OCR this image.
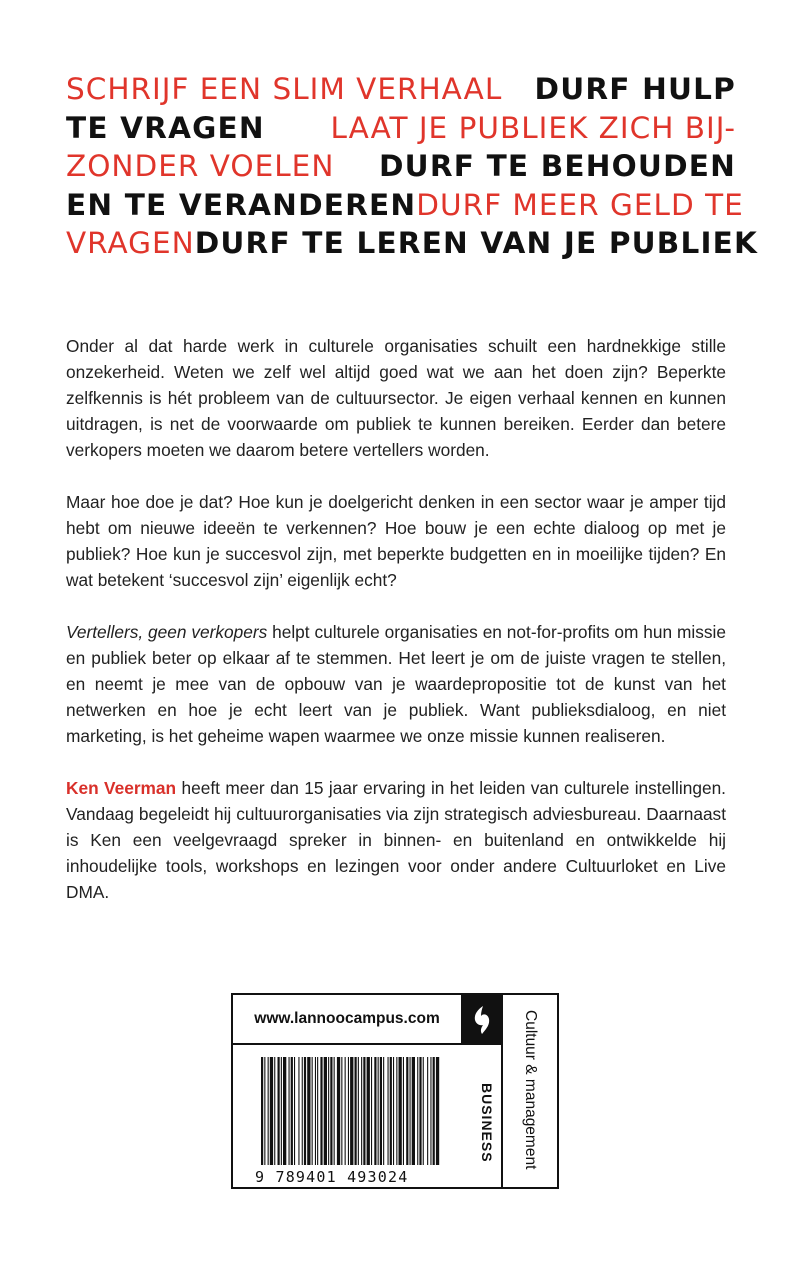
SCHRIJF EEN SLIM VERHAAL DURF HULP
TE VRAGEN LAAT JE PUBLIEK ZICH BIJ-
ZONDER VOELEN DURF TE BEHOUDEN
EN TE VERANDEREN DURF MEER GELD TE
VRAGEN DURF TE LEREN VAN JE PUBLIEK

Onder al dat harde werk in culturele organisaties schuilt een hardnekkige stille onzekerheid. Weten we zelf wel altijd goed wat we aan het doen zijn? Beperkte zelfkennis is hét probleem van de cultuursector. Je eigen verhaal kennen en kunnen uitdragen, is net de voorwaarde om publiek te kunnen bereiken. Eerder dan betere verkopers moeten we daarom betere vertellers worden.

Maar hoe doe je dat? Hoe kun je doelgericht denken in een sector waar je amper tijd hebt om nieuwe ideeën te verkennen? Hoe bouw je een echte dialoog op met je publiek? Hoe kun je succesvol zijn, met beperkte budgetten en in moeilijke tijden? En wat betekent ‘succesvol zijn’ eigenlijk echt?

Vertellers, geen verkopers helpt culturele organisaties en not-for-profits om hun missie en publiek beter op elkaar af te stemmen. Het leert je om de juiste vragen te stellen, en neemt je mee van de opbouw van je waardepropositie tot de kunst van het netwerken en hoe je echt leert van je publiek. Want publieksdialoog, en niet marketing, is het geheime wapen waarmee we onze missie kunnen realiseren.

Ken Veerman heeft meer dan 15 jaar ervaring in het leiden van culturele instellingen. Vandaag begeleidt hij cultuurorganisaties via zijn strategisch adviesbureau. Daarnaast is Ken een veelgevraagd spreker in binnen- en buitenland en ontwikkelde hij inhoudelijke tools, workshops en lezingen voor onder andere Cultuurloket en Live DMA.

www.lannoocampus.com
9 789401 493024
BUSINESS Cultuur & management
